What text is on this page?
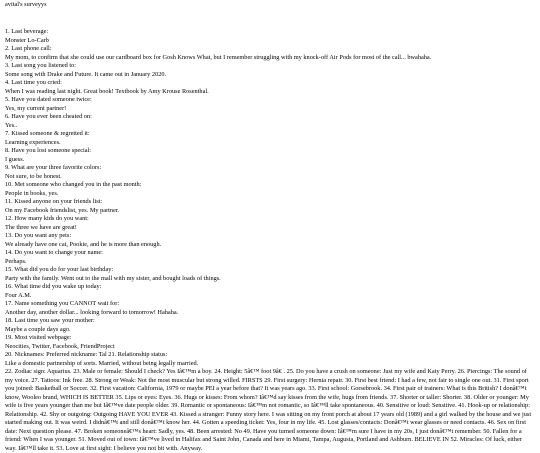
avital's surveyys
1. Last beverage:
Monster Lo-Carb
2. Last phone call:
My mom, to confirm that she could use our cardboard box for Gosh Knows What, but I remember struggling with my knock-off Air Pods for most of the call... bwahaha.
3. Last song you listened to:
Some song with Drake and Future. It came out in January 2020.
4. Last time you cried:
When I was reading last night. Great book! Textbook by Amy Krouse Rosenthal.
5. Have you dated someone twice:
Yes, my current partner!
6. Have you ever been cheated on:
Yes..
7. Kissed someone & regretted it:
Learning experiences.
8. Have you lost someone special:
I guess.
9. What are your three favorite colors:
Not sure, to be honest.
10. Met someone who changed you in the past month:
People in books, yes.
11. Kissed anyone on your friends list:
On my Facebook friendslist, yes. My partner.
12. How many kids do you want:
The three we have are great!
13. Do you want any pets:
We already have one cat, Pookie, and he is more than enough.
14. Do you want to change your name:
Perhaps.
15. What did you do for your last birthday:
Party with the family. Went out to the mall with my sister, and bought loads of things.
16. What time did you wake up today:
Four A.M.
17. Name something you CANNOT wait for:
Another day, another dollar... looking forward to tomorrow! Hahaha.
18. Last time you saw your mother:
Maybe a couple days ago.
19. Most visited webpage:
Neocities, Twitter, Facebook, FriendProject
20. Nicknames: Preferred nickname: Tal 21. Relationship status:
Like a domestic partnership of sorts. Married, without being legally married.

22. Zodiac sign: Aquarius. 23. Male or female: Should I check? Yes Iâ€™m a boy. 24. Height: 5â€™ foot 9â€ . 25. Do you have a crush on someone: Just my wife and Katy Perry. 26. Piercings: The sound of my voice. 27. Tattoos: Ink free. 28. Strong or Weak: Not the most muscular but strong willed. FIRSTS 29. First surgery: Hernia repair. 30. First best friend: I had a few, not fair to single one out. 31. First sport you joined: Basketball or Soccer. 32. First vacation: California, 1979 or maybe PEI a year before that? It was years ago. 33. First school: Gorsebrook. 34. First pair of trainers: What is this British? I donâ€™t know, Wooleo brand, WHICH IS BETTER 35. Lips or eyes: Eyes. 36. Hugs or kisses: From whom? Iâ€™d say kisses from the wife, hugs from friends. 37. Shorter or taller: Shorter. 38. Older or younger: My wife is five years younger than me but Iâ€™ve date people older. 39. Romantic or spontaneous: Iâ€™m not romantic, so Iâ€™ll take spontaneous. 40. Sensitive or loud: Sensitive. 41. Hook-up or relationship: Relationship. 42. Shy or outgoing: Outgoing HAVE YOU EVER 43. Kissed a stranger: Funny story here. I was sitting on my front porch at about 17 years old (1989) and a girl walked by the house and we just started making out. It was weird. I didnâ€™t and still donâ€™t know her. 44. Gotten a speeding ticket: Yes, four in my life. 45. Lost glasses/contacts: Donâ€™t wear glasses or need contacts. 46. Sex on first date: Next question please. 47. Broken someoneâ€™s heart: Sadly, yes. 48. Been arrested: No 49. Have you turned someone down: Iâ€™m sure I have in my 20s, I just donâ€™t remember. 50. Fallen for a friend: When I was younger. 51. Moved out of town: Iâ€™ve lived in Halifax and Saint John, Canada and here in Miami, Tampa, Augusta, Portland and Ashburn. BELIEVE IN 52. Miracles: Of luck, either way. Iâ€™ll take it. 53. Love at first sight: I believe you not bit with. Anyway.
